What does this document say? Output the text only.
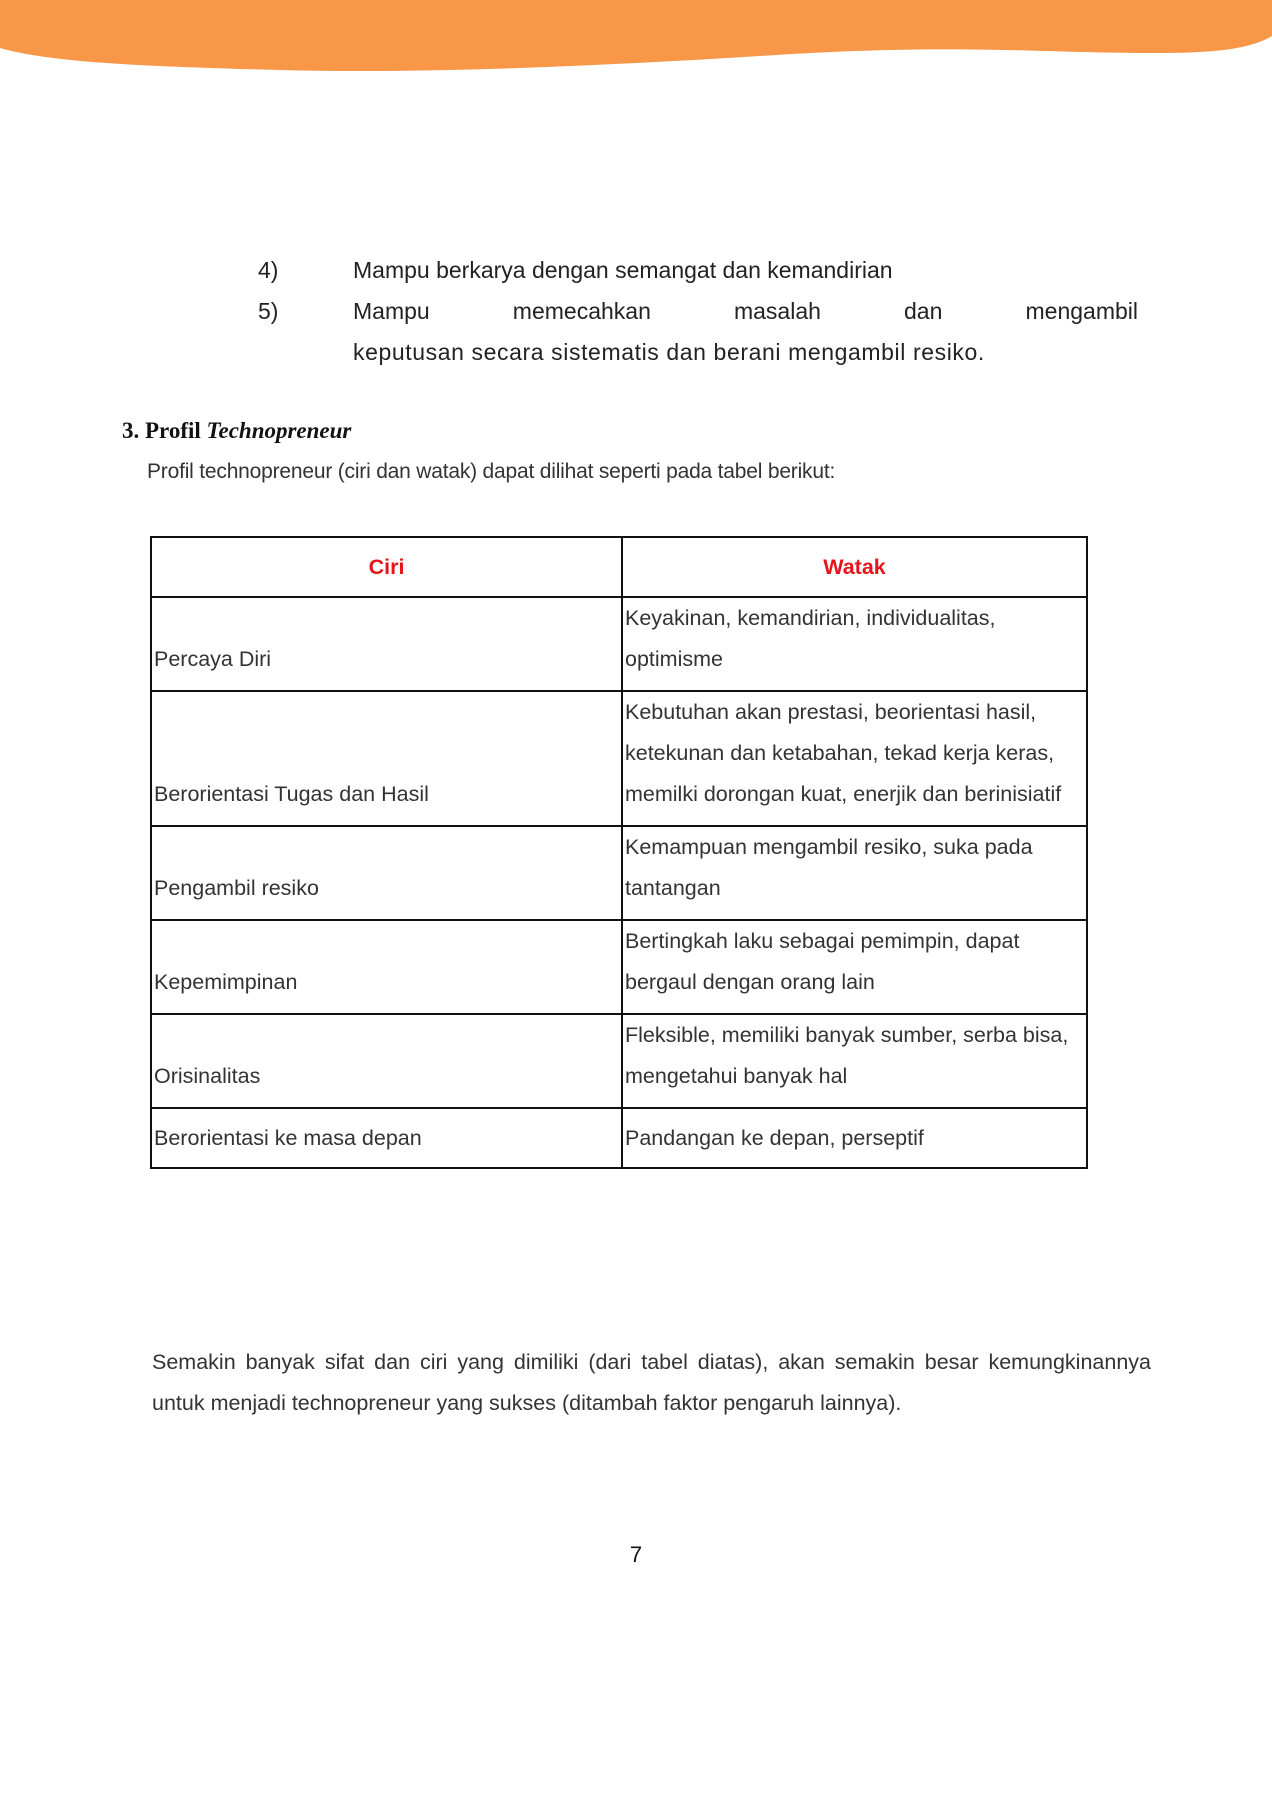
4)	Mampu berkarya dengan semangat dan kemandirian
5)	Mampu memecahkan masalah dan mengambil
keputusan secara sistematis dan berani mengambil resiko.
3. Profil Technopreneur
Profil technopreneur (ciri dan watak) dapat dilihat seperti pada tabel berikut:
Ciri	Watak
Percaya Diri	Keyakinan, kemandirian, individualitas, optimisme
Berorientasi Tugas dan Hasil	Kebutuhan akan prestasi, beorientasi hasil, ketekunan dan ketabahan, tekad kerja keras, memilki dorongan kuat, enerjik dan berinisiatif
Pengambil resiko	Kemampuan mengambil resiko, suka pada tantangan
Kepemimpinan	Bertingkah laku sebagai pemimpin, dapat bergaul dengan orang lain
Orisinalitas	Fleksible, memiliki banyak sumber, serba bisa, mengetahui banyak hal
Berorientasi ke masa depan	Pandangan ke depan, perseptif
Semakin banyak sifat dan ciri yang dimiliki (dari tabel diatas), akan semakin besar kemungkinannya untuk menjadi technopreneur yang sukses (ditambah faktor pengaruh lainnya).
7
